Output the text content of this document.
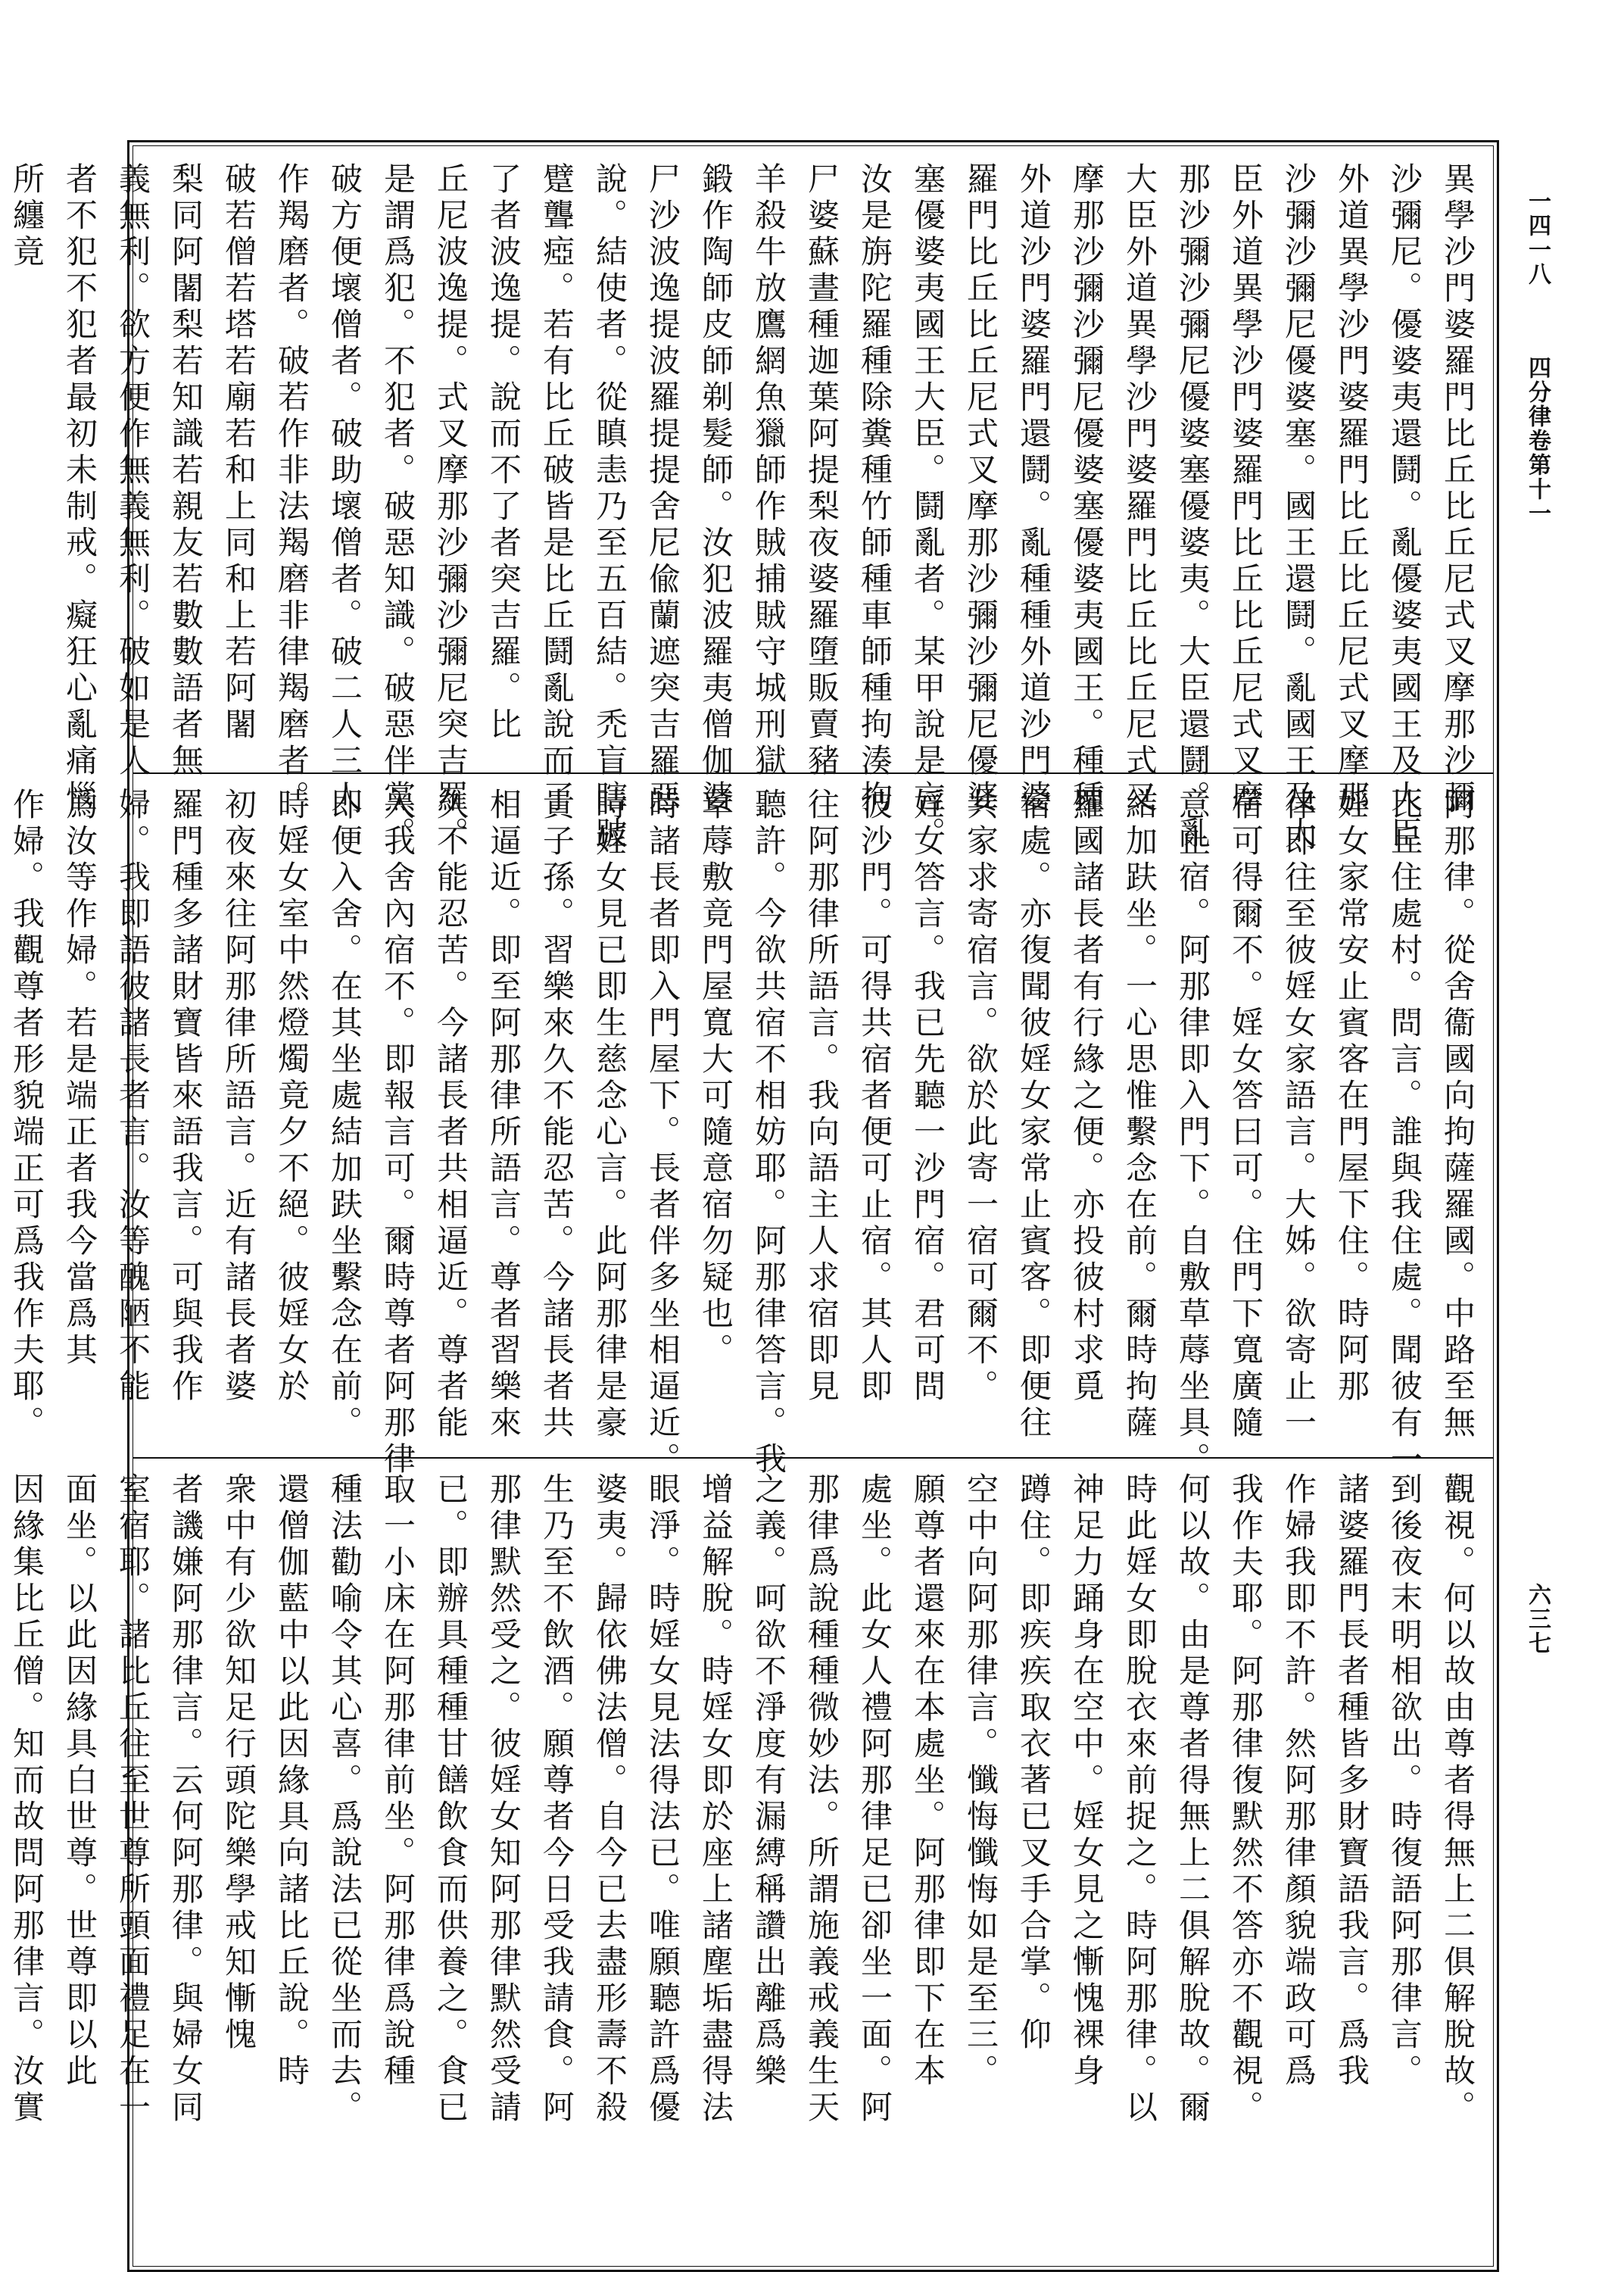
一四一八
四分律卷第十一
六三七
異學沙門婆羅門比丘比丘尼式叉摩那沙彌
沙彌尼。優婆夷還鬪。亂優婆夷國王及大臣
外道異學沙門婆羅門比丘比丘尼式叉摩那
沙彌沙彌尼優婆塞。國王還鬪。亂國王及大
臣外道異學沙門婆羅門比丘比丘尼式叉摩
那沙彌沙彌尼優婆塞優婆夷。大臣還鬪。亂
大臣外道異學沙門婆羅門比丘比丘尼式叉
摩那沙彌沙彌尼優婆塞優婆夷國王。種種
外道沙門婆羅門還鬪。亂種種外道沙門婆
羅門比丘比丘尼式叉摩那沙彌沙彌尼優婆
塞優婆夷國王大臣。鬪亂者。某甲說是言。
汝是旃陀羅種除糞種竹師種車師種拘湊拘
尸婆蘇晝種迦葉阿提梨夜婆羅墮販賣豬
羊殺牛放鷹網魚獵師作賊捕賊守城刑獄
鍛作陶師皮師剃髮師。汝犯波羅夷僧伽婆
尸沙波逸提波羅提提舍尼偸蘭遮突吉羅惡
說。結使者。從瞋恚乃至五百結。禿盲瞎跛
躄聾瘂。若有比丘破皆是比丘鬪亂說而了
了者波逸提。說而不了者突吉羅。比
丘尼波逸提。式叉摩那沙彌沙彌尼突吉羅。
是謂爲犯。不犯者。破惡知識。破惡伴黨。
破方便壞僧者。破助壞僧者。破二人三人
作羯磨者。破若作非法羯磨非律羯磨者。
破若僧若塔若廟若和上同和上若阿闍
梨同阿闍梨若知識若親友若數數語者無
義無利。欲方便作無義無利。破如是人
者不犯不犯者最初未制戒。癡狂心亂痛惱
所纏竟
阿那律。從舍衞國向拘薩羅國。中路至無
比丘住處村。問言。誰與我住處。聞彼有一
婬女家常安止賓客在門屋下住。時阿那
律即往至彼婬女家語言。大姊。欲寄止一
宿可得爾不。婬女答曰可。住門下寬廣隨
意止宿。阿那律即入門下。自敷草蓐坐具。
結加趺坐。一心思惟繫念在前。爾時拘薩
羅國諸長者有行緣之便。亦投彼村求覓
宿處。亦復聞彼婬女家常止賓客。即便往
共家求寄宿言。欲於此寄一宿可爾不。
婬女答言。我已先聽一沙門宿。君可問
彼沙門。可得共宿者便可止宿。其人即
往阿那律所語言。我向語主人求宿即見
聽許。今欲共宿不相妨耶。阿那律答言。我
草蓐敷竟門屋寬大可隨意宿勿疑也。
時諸長者即入門屋下。長者伴多坐相逼近。
時婬女見已即生慈念心言。此阿那律是豪
貴子孫。習樂來久不能忍苦。今諸長者共
相逼近。即至阿那律所語言。尊者習樂來
久不能忍苦。今諸長者共相逼近。尊者能
入我舍內宿不。即報言可。爾時尊者阿那律
即便入舍。在其坐處結加趺坐繫念在前。
時婬女室中然燈燭竟夕不絕。彼婬女於
初夜來往阿那律所語言。近有諸長者婆
羅門種多諸財寶皆來語我言。可與我作
婦。我即語彼諸長者言。汝等醜陋不能
爲汝等作婦。若是端正者我今當爲其
作婦。我觀尊者形貌端正可爲我作夫耶。
觀視。何以故由尊者得無上二俱解脫故。
到後夜末明相欲出。時復語阿那律言。
諸婆羅門長者種皆多財寶語我言。爲我
作婦我即不許。然阿那律顏貌端政可爲
我作夫耶。阿那律復默然不答亦不觀視。
何以故。由是尊者得無上二俱解脫故。爾
時此婬女即脫衣來前捉之。時阿那律。以
神足力踊身在空中。婬女見之慚愧裸身
蹲住。即疾疾取衣著已叉手合掌。仰
空中向阿那律言。懺悔懺悔如是至三。
願尊者還來在本處坐。阿那律即下在本
處坐。此女人禮阿那律足已卻坐一面。阿
那律爲說種種微妙法。所謂施義戒義生天
之義。呵欲不淨度有漏縛稱讚出離爲樂
增益解脫。時婬女即於座上諸塵垢盡得法
眼淨。時婬女見法得法已。唯願聽許爲優
婆夷。歸依佛法僧。自今已去盡形壽不殺
生乃至不飲酒。願尊者今日受我請食。阿
那律默然受之。彼婬女知阿那律默然受請
已。即辦具種種甘饍飲食而供養之。食已
取一小床在阿那律前坐。阿那律爲說種
種法勸喻令其心喜。爲說法已從坐而去。
還僧伽藍中以此因緣具向諸比丘說。時
衆中有少欲知足行頭陀樂學戒知慚愧
者譏嫌阿那律言。云何阿那律。與婦女同
室宿耶。諸比丘往至世尊所頭面禮足在一
面坐。以此因緣具白世尊。世尊即以此
因緣集比丘僧。知而故問阿那律言。汝實
